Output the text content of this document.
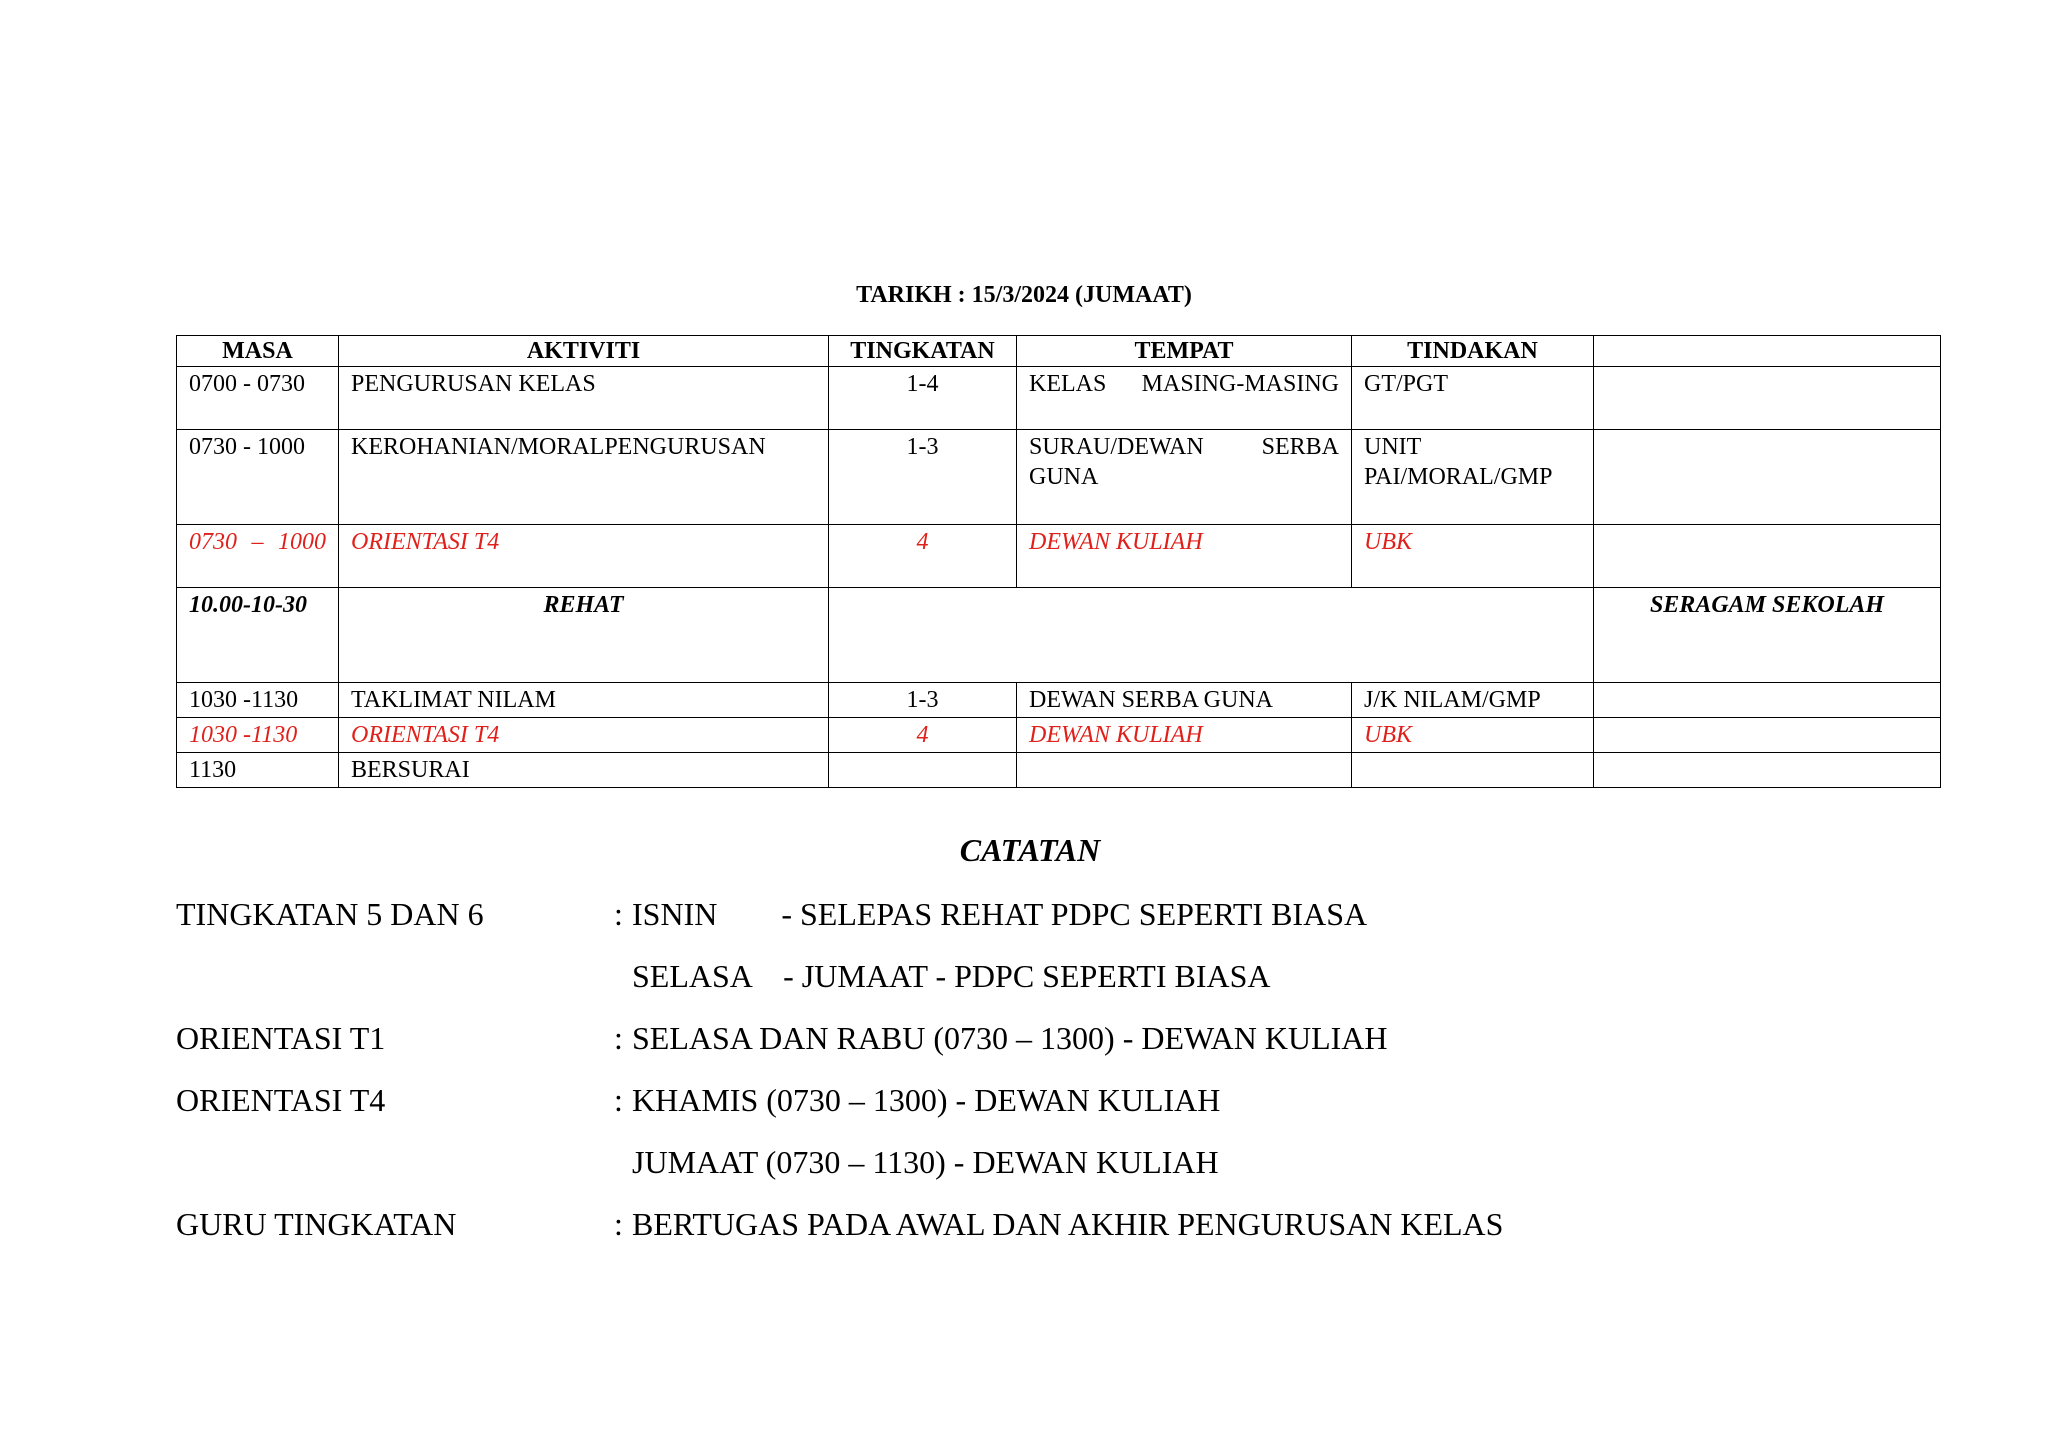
TARIKH : 15/3/2024 (JUMAAT)
MASA	AKTIVITI	TINGKATAN	TEMPAT	TINDAKAN	
0700 - 0730	PENGURUSAN KELAS	1-4	KELAS MASING-MASING	GT/PGT	
0730 - 1000	KEROHANIAN/MORALPENGURUSAN	1-3	SURAU/DEWAN SERBA GUNA	UNIT PAI/MORAL/GMP	
0730 – 1000	ORIENTASI T4	4	DEWAN KULIAH	UBK	
10.00-10-30	REHAT				SERAGAM SEKOLAH
1030 -1130	TAKLIMAT NILAM	1-3	DEWAN SERBA GUNA	J/K NILAM/GMP	
1030 -1130	ORIENTASI T4	4	DEWAN KULIAH	UBK	
1130	BERSURAI				
CATATAN
TINGKATAN 5 DAN 6	: ISNIN        - SELEPAS REHAT PDPC SEPERTI BIASA
SELASA    - JUMAAT - PDPC SEPERTI BIASA
ORIENTASI T1	: SELASA DAN RABU (0730 – 1300) - DEWAN KULIAH
ORIENTASI T4	: KHAMIS (0730 – 1300) - DEWAN KULIAH
JUMAAT (0730 – 1130) - DEWAN KULIAH
GURU TINGKATAN	: BERTUGAS PADA AWAL DAN AKHIR PENGURUSAN KELAS
